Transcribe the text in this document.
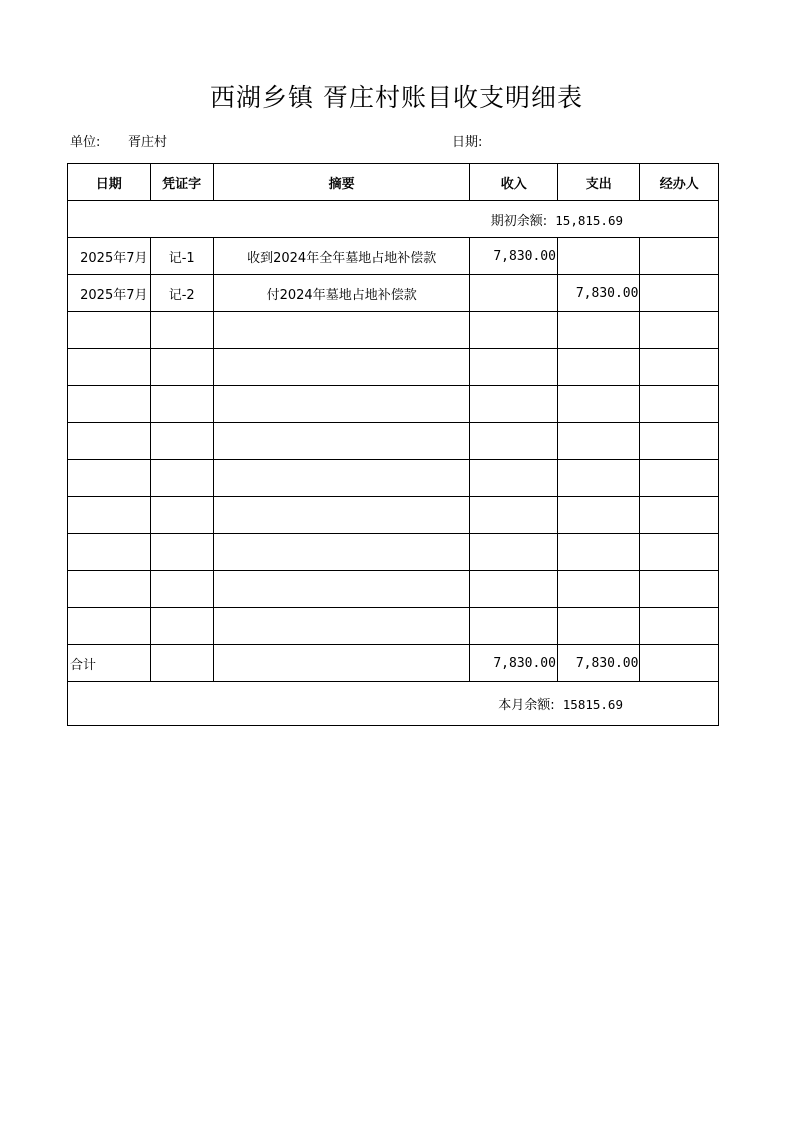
西湖乡镇 胥庄村账目收支明细表
单位: 胥庄村	日期:
日期	凭证字	摘要	收入	支出	经办人
期初余额: 15,815.69					
2025年7月	记-1	收到2024年全年墓地占地补偿款	7,830.00		
2025年7月	记-2	付2024年墓地占地补偿款		7,830.00	

合计			7,830.00	7,830.00	
本月余额: 15815.69					
